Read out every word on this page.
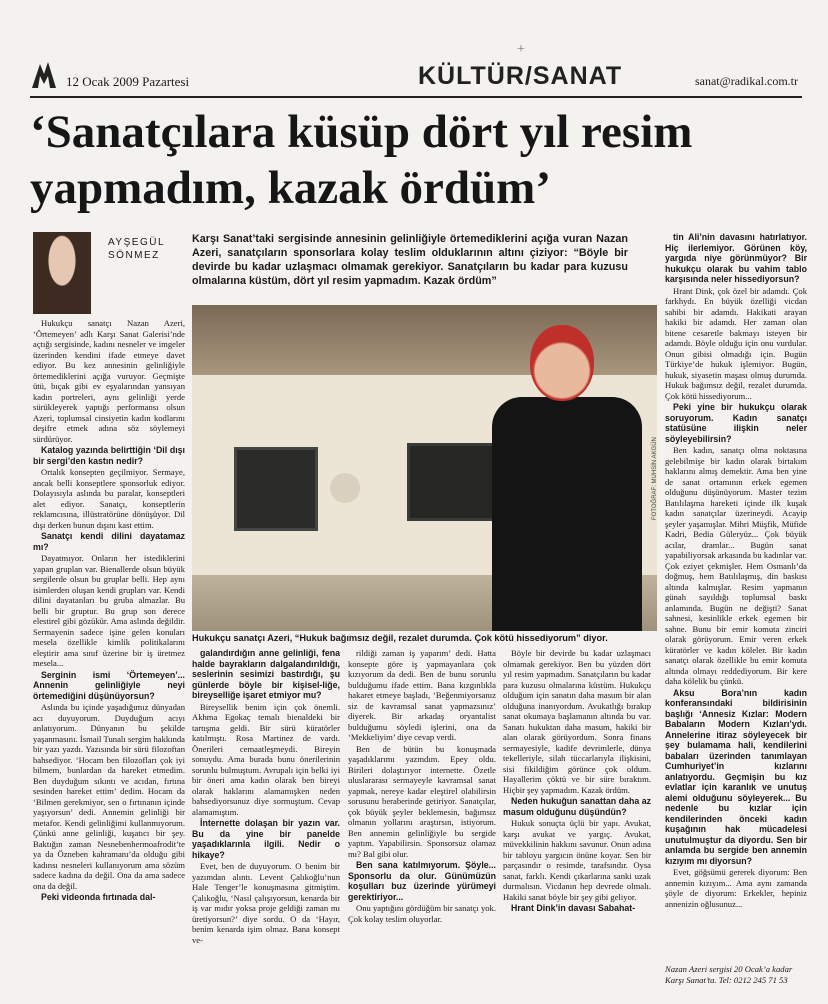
+
12 Ocak 2009 Pazartesi	KÜLTÜR/SANAT	sanat@radikal.com.tr
‘Sanatçılara küsüp dört yıl resim yapmadım, kazak ördüm’
AYŞEGÜL
SÖNMEZ
Karşı Sanat’taki sergisinde annesinin gelinliğiyle örtemediklerini açığa vuran Nazan Azeri, sanatçıların sponsorlara kolay teslim olduklarının altını çiziyor: “Böyle bir devirde bu kadar uzlaşmacı olmamak gerekiyor. Sanatçıların bu kadar para kuzusu olmalarına küstüm, dört yıl resim yapmadım. Kazak ördüm”
FOTOĞRAF: MUHSİN AKGÜN
Hukukçu sanatçı Azeri, “Hukuk bağımsız değil, rezalet durumda. Çok kötü hissediyorum” diyor.

Hukukçu sanatçı Nazan Azeri, ‘Örtemeyen’ adlı Karşı Sanat Galerisi’nde açtığı sergisinde, kadını nesneler ve imgeler üzerinden kendini ifade etmeye davet ediyor. Bu kez annesinin gelinliğiyle örtemediklerini açığa vuruyor. Geçmişte ütü, bıçak gibi ev eşyalarından yansıyan kadın portreleri, aynı gelinliği yerde sürükleyerek yaptığı performansı olsun Azeri, toplumsal cinsiyetin kadın kodlarını deşifre etmek adına söz söylemeyi sürdürüyor.

Katalog yazında belirttiğin ‘Dil dışı bir sergi’den kastın nedir?

Ortalık konsepten geçilmiyor. Sermaye, ancak belli konseptlere sponsorluk ediyor. Dolayısıyla aslında bu paralar, konseptleri alet ediyor. Sanatçı, konseptlerin reklamcısına, illüstratörüne dönüşüyor. Dil dışı derken bunun dışını kast ettim.

Sanatçı kendi dilini dayatamaz mı?

Dayatmıyor. Onların her istediklerini yapan gruplan var. Bienallerde olsun büyük sergilerde olsun bu gruplar belli. Hep aynı isimlerden oluşan kendi grupları var. Kendi dilini dayatanları bu gruba almazlar. Bu belli bir gruptur. Bu grup son derece elestirel gibi gözükür. Ama aslında değildir. Sermayenin sadece işine gelen konuları mesela özellikle kimlik politikalarını eleştirir ama sınıf üzerine bir iş üretmez mesela...

Serginin ismi ‘Örtemeyen’... Annenin gelinliğiyle neyi örtemediğini düşünüyorsun?

Aslında bu içinde yaşadığımız dünyadan acı duyuyorum. Duyduğum acıyı anlatıyorum. Dünyanın bu şekilde yaşanmasını. İsmail Tunalı sergim hakkında bir yazı yazdı. Yazısında bir sürü filozoftan bahsediyor. ‘Hocam ben filozofları çok iyi bilmem, bunlardan da hareket etmedim. Ben duyduğum sıkıntı ve acıdan, fırtına sesinden hareket ettim’ dedim. Hocam da ‘Bilmen gerekmiyor, sen o fırtınanın içinde yaşıyorsun’ dedi. Annemin gelinliği bir metafor. Kendi gelinliğimi kullanmıyorum. Çünkü anne gelinliği, kuşatıcı bir şey. Baktığın zaman Nesnebenhermoafrodit’te ya da Özneben kahramanı’da olduğu gibi kadınsı nesneleri kullanıyorum ama sözüm sadece kadına da değil. Ona da ama sadece ona da değil.

Peki videonda fırtınada dal-

galandırdığın anne gelinliği, fena halde bayrakların dalgalandırıldığı, seslerinin sesimizi bastırdığı, şu günlerde böyle bir kişisel-liğe, bireyselliğe işaret etmiyor mu?

Bireysellik benim için çok önemli. Akhma Egokaç temalı bienaldeki bir tartışma geldi. Bir sürü küratörler katılmıştı. Rosa Martinez de vardı. Önerileri cemaatleşmeydi. Bireyin sonuydu. Ama burada bunu önerilerinin sorunlu bulmuştum. Avrupalı için belki iyi bir öneri ama kadın olarak ben bireyi olarak haklarını alamamışken neden bahsediyorsunuz diye sormuştum. Cevap alamamıştım.

İnternette dolaşan bir yazın var. Bu da yine bir panelde yaşadıklarınla ilgili. Nedir o hikaye?

Evet, ben de duyuyorum. O benim bir yazımdan alıntı. Levent Çalıkoğlu’nun Hale Tenger’le konuşmasına gitmiştim. Çalıkoğlu, ‘Nasıl çalışıyorsun, kenarda bir iş var mıdır yoksa proje geldiği zaman mı üretiyorsun?’ diye sordu. O da ‘Hayır, benim kenarda işim olmaz. Bana konsept ve-

rildiği zaman iş yaparım’ dedi. Hatta konsepte göre iş yapmayanlara çok kızıyorum da dedi. Ben de bunu sorunlu bulduğumu ifade ettim. Bana kızgınlıkla hakaret etmeye başladı, ‘Beğenmiyorsanız siz de kavramsal sanat yapmazsınız’ diyerek. Bir arkadaş oryantalist bulduğumu söyledi işlerini, ona da ‘Mekkeliyim’ diye cevap verdi.

Ben de bütün bu konuşmada yaşadıklarımı yazmdım. Epey oldu. Birileri dolaştırıyor internette. Özetle uluslararası sermayeyle kavramsal sanat yapmak, nereye kadar eleştirel olabilirsin sorusunu beraberinde getiriyor. Sanatçılar, çok büyük şeyler beklemesin, bağımsız olmanın yollarını araştırsın, istiyorum. Ben annemin gelinliğiyle bu sergide yaptım. Yapabilirsin. Sponsorsuz olamaz mı? Bal gibi olur.

Ben sana katılmıyorum. Şöyle... Sponsorlu da olur. Günümüzün koşulları buz üzerinde yürümeyi gerektiriyor...

Onu yaptığını gördüğüm bir sanatçı yok. Çok kolay teslim oluyorlar.

Böyle bir devirde bu kadar uzlaşmacı olmamak gerekiyor. Ben bu yüzden dört yıl resim yapmadım. Sanatçıların bu kadar para kuzusu olmalarına küstüm. Hukukçu olduğum için sanatın daha masum bir alan olduğuna inanıyordum. Avukatlığı bırakıp sanat okumaya başlamanın altında bu var. Sanatı hukuktan daha masum, hakiki bir alan olarak görüyordum. Sonra finans sermayesiyle, kadife devrimlerle, dünya tekelleriyle, silah tüccarlarıyla ilişkisini, sisi fikildiğim görünce çok oldum. Hayallerim çöktü ve bir süre bıraktım. Hiçbir şey yapmadım. Kazak ördüm.

Neden hukuğun sanattan daha az masum olduğunu düşündün?

Hukuk sonuçta üçlü bir yapı. Avukat, karşı avukat ve yargıç. Avukat, müvekkilinin hakkını savunur. Onun adına bir tabloyu yargıcın önüne koyar. Sen bir parçasındır o resimde, tarafsındır. Oysa sanat, farklı. Kendi çıkarlarına sanki uzak durmalısın. Vicdanın hep devrede olmalı. Hakiki sanat böyle bir şey gibi geliyor.

Hrant Dink’in davası Sabahat-

tin Ali’nin davasını hatırlatıyor. Hiç ilerlemiyor. Görünen köy, yargıda niye görünmüyor? Bir hukukçu olarak bu vahim tablo karşısında neler hissediyorsun?

Hrant Dink, çok özel bir adamdı. Çok farkhydı. En büyük özelliği vicdan sahibi bir adamdı. Hakikati arayan hakiki bir adamdı. Her zaman olan bitene cesaretle bakmayı isteyen bir adamdı. Böyle olduğu için onu vurdular. Onun gibisi olmadığı için. Bugün Türkiye’de hukuk işlemiyor. Bugün, hukuk, siyasetin maşası olmuş durumda. Hukuk bağımsız değil, rezalet durumda. Çok kötü hissediyorum...

Peki yine bir hukukçu olarak soruyorum. Kadın sanatçı statüsüne ilişkin neler söyleyebilirsin?

Ben kadın, sanatçı olma noktasına gelebilmişe bir kadın olarak birtakım haklarını almış demektir. Ama ben yine de sanat ortamının erkek egemen olduğunu düşünüyorum. Master tezim Batılılaşma hareketi içinde ilk kuşak kadın sanatçılar üzerineydi. Acayip şeyler yaşamışlar. Mihri Müşfik, Müfide Kadri, Bedia Güleryüz... Çok büyük acılar, dramlar... Bugün sanat yapabiliyorsak arkasında bu kadınlar var. Çok eziyet çekmişler. Hem Osmanlı’da doğmuş, hem Batılılaşmış, din baskısı altında kalmışlar. Resim yapmanın günah sayıldığı toplumsal baskı anlamında. Bugün ne değişti? Sanat sahnesi, kesinlikle erkek egemen bir sahne. Bunu bir emir komuta zinciri olarak görüyorum. Emir veren erkek küratörler ve kadın köleler. Bir kadın sanatçı olarak özellikle bu emir komuta altında olmayı reddediyorum. Bir kere daha kölelik bu çünkü.

Aksu Bora’nın kadın konferansındaki bildirisinin başlığı ‘Annesiz Kızlar: Modern Babaların Modern Kızları’ydı. Annelerine itiraz söyleyecek bir şey bulamama hali, kendilerini babaları üzerinden tanımlayan Cumhuriyet’in kızlarını anlatıyordu. Geçmişin bu kız evlatlar için karanlık ve unutuş alemi olduğunu söyleyerek... Bu nedenle bu kızlar için kendilerinden önceki kadın kuşağının hak mücadelesi unutulmuştur da diyordu. Sen bir anlamda bu sergide ben annemin kızıyım mı diyorsun?

Evet, göğsümü gererek diyorum: Ben annemin kızıyım... Ama aynı zamanda şöyle de diyorum: Erkekler, hepiniz annenizin oğlusunuz...

Nazan Azeri sergisi 20 Ocak’a kadar Karşı Sanat’ta. Tel: 0212 245 71 53
